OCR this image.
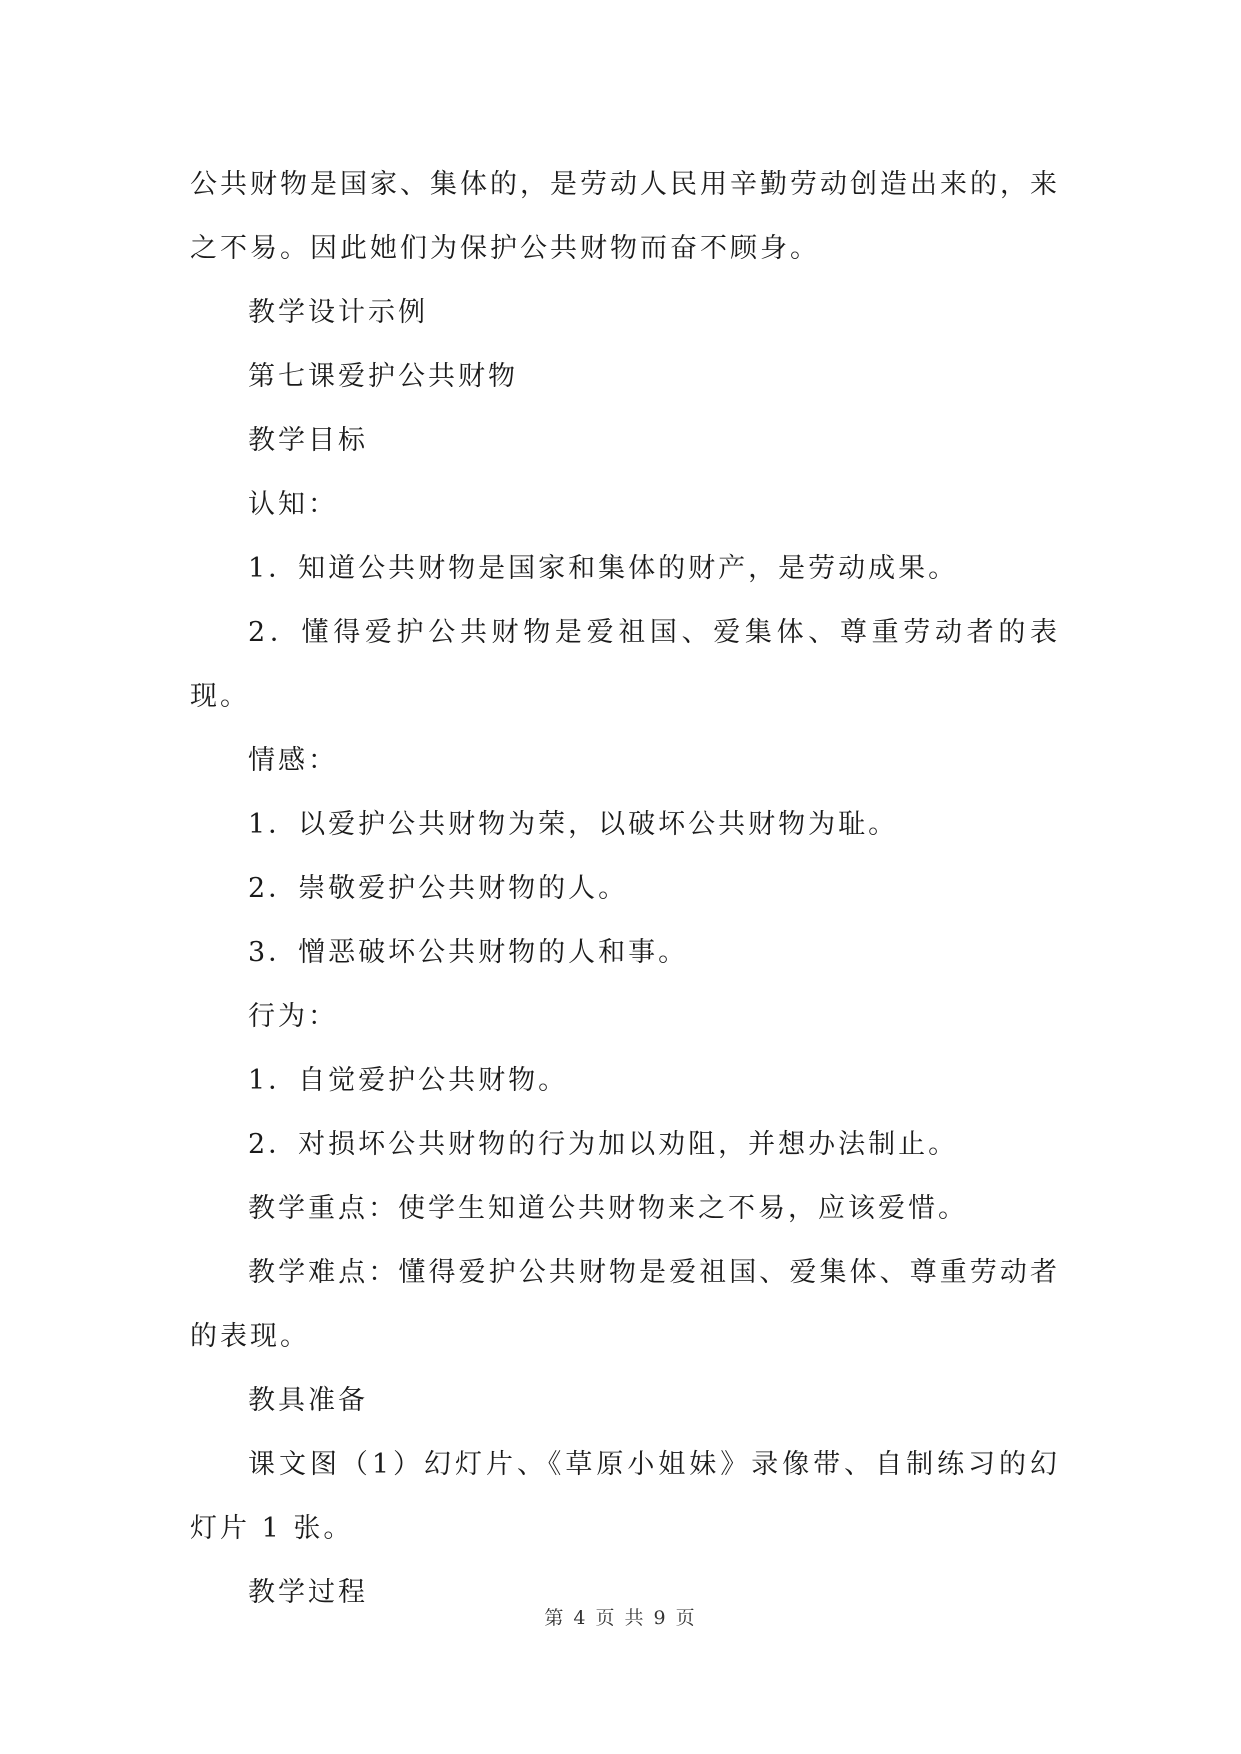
公共财物是国家、集体的，是劳动人民用辛勤劳动创造出来的，来之不易。因此她们为保护公共财物而奋不顾身。

教学设计示例

第七课爱护公共财物

教学目标

认知：

1．知道公共财物是国家和集体的财产，是劳动成果。

2．懂得爱护公共财物是爱祖国、爱集体、尊重劳动者的表现。

情感：

1．以爱护公共财物为荣，以破坏公共财物为耻。

2．崇敬爱护公共财物的人。

3．憎恶破坏公共财物的人和事。

行为：

1．自觉爱护公共财物。

2．对损坏公共财物的行为加以劝阻，并想办法制止。

教学重点：使学生知道公共财物来之不易，应该爱惜。

教学难点：懂得爱护公共财物是爱祖国、爱集体、尊重劳动者的表现。

教具准备

课文图（1）幻灯片、《草原小姐妹》录像带、自制练习的幻灯片 1 张。

教学过程

第 4 页 共 9 页
